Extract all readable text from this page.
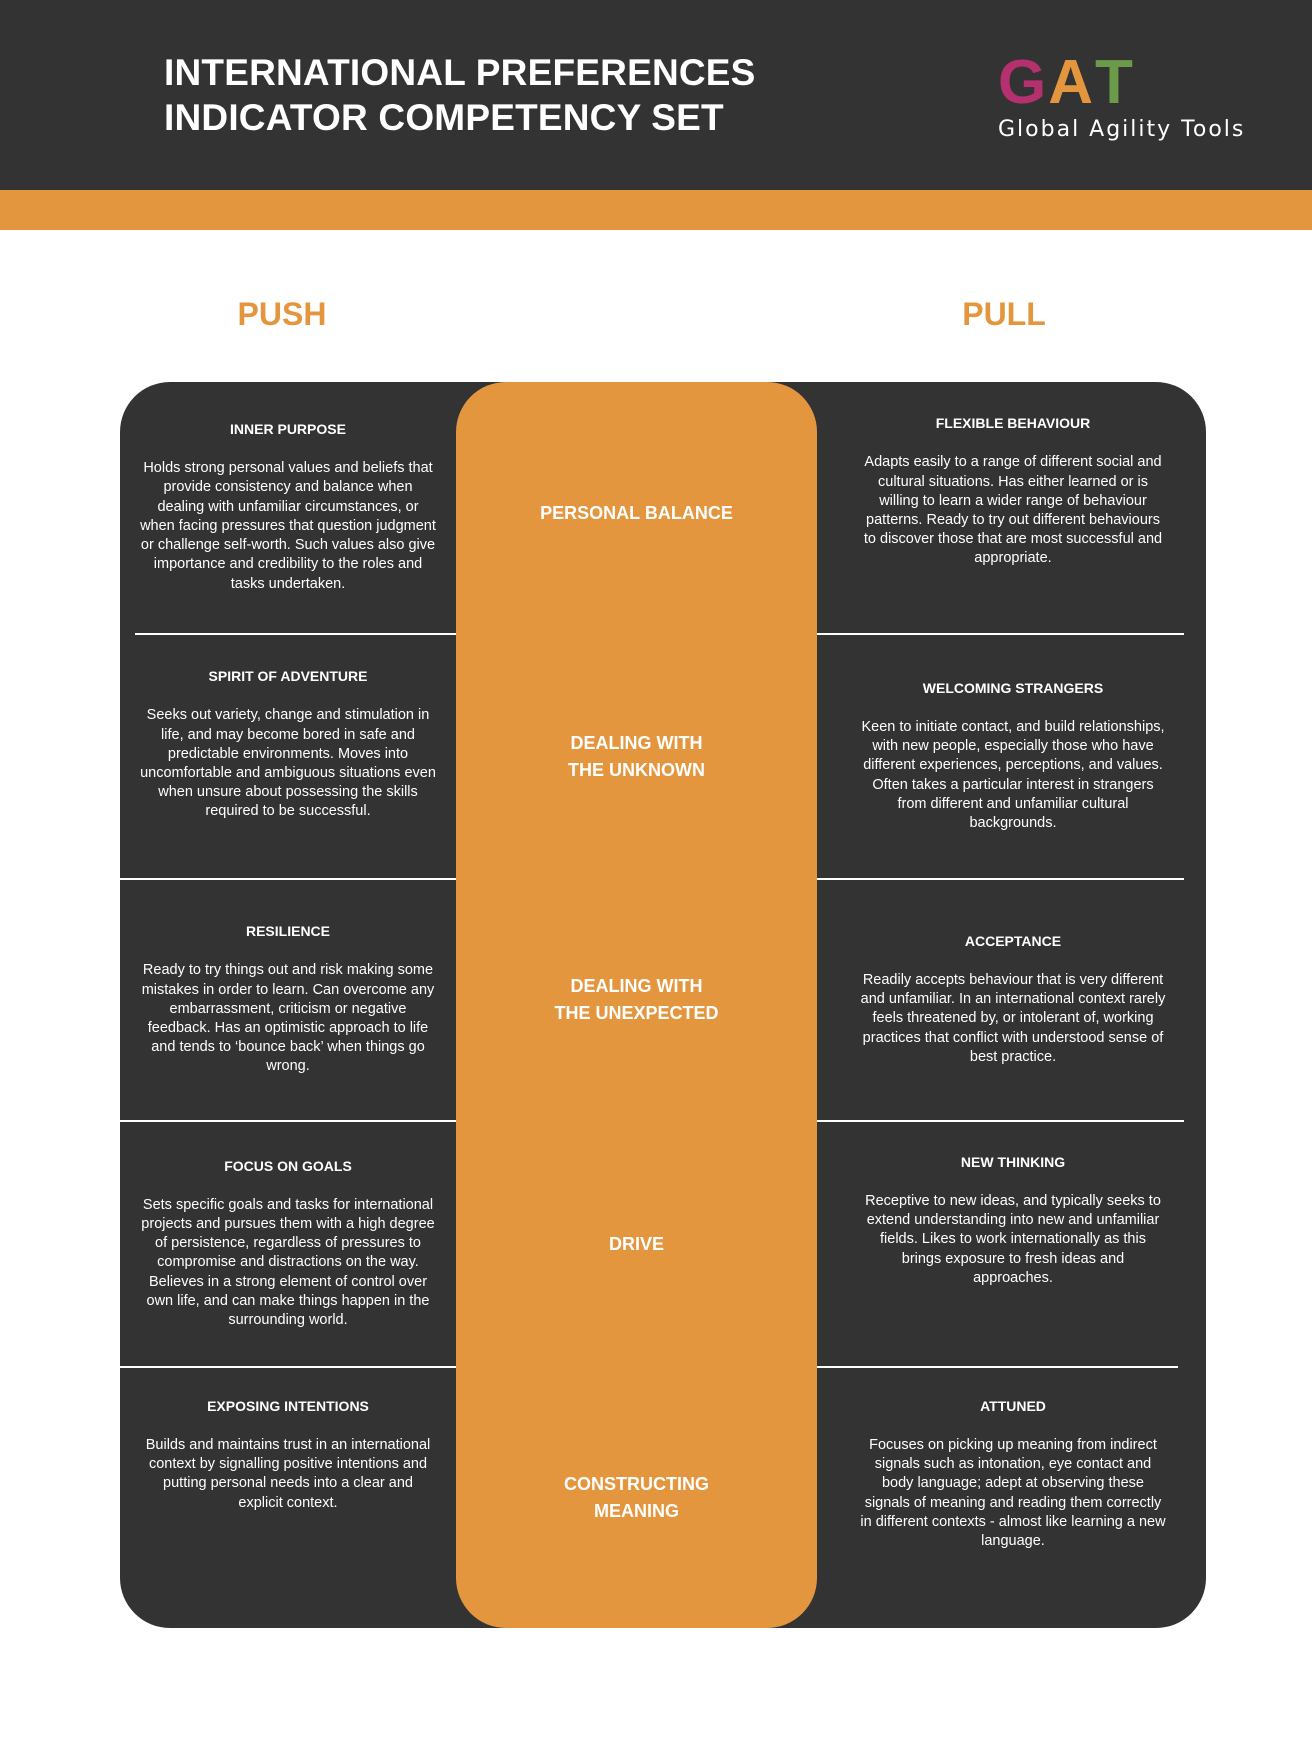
INTERNATIONAL PREFERENCES
INDICATOR COMPETENCY SET
GAT
Global Agility Tools
PUSH	PULL
INNER PURPOSE
Holds strong personal values and beliefs that provide consistency and balance when dealing with unfamiliar circumstances, or when facing pressures that question judgment or challenge self-worth. Such values also give importance and credibility to the roles and tasks undertaken.
PERSONAL BALANCE
FLEXIBLE BEHAVIOUR
Adapts easily to a range of different social and cultural situations. Has either learned or is willing to learn a wider range of behaviour patterns. Ready to try out different behaviours to discover those that are most successful and appropriate.
SPIRIT OF ADVENTURE
Seeks out variety, change and stimulation in life, and may become bored in safe and predictable environments. Moves into uncomfortable and ambiguous situations even when unsure about possessing the skills required to be successful.
DEALING WITH
THE UNKNOWN
WELCOMING STRANGERS
Keen to initiate contact, and build relationships, with new people, especially those who have different experiences, perceptions, and values. Often takes a particular interest in strangers from different and unfamiliar cultural backgrounds.
RESILIENCE
Ready to try things out and risk making some mistakes in order to learn. Can overcome any embarrassment, criticism or negative feedback. Has an optimistic approach to life and tends to ‘bounce back’ when things go wrong.
DEALING WITH
THE UNEXPECTED
ACCEPTANCE
Readily accepts behaviour that is very different and unfamiliar. In an international context rarely feels threatened by, or intolerant of, working practices that conflict with understood sense of best practice.
FOCUS ON GOALS
Sets specific goals and tasks for international projects and pursues them with a high degree of persistence, regardless of pressures to compromise and distractions on the way. Believes in a strong element of control over own life, and can make things happen in the surrounding world.
DRIVE
NEW THINKING
Receptive to new ideas, and typically seeks to extend understanding into new and unfamiliar fields. Likes to work internationally as this brings exposure to fresh ideas and approaches.
EXPOSING INTENTIONS
Builds and maintains trust in an international context by signalling positive intentions and putting personal needs into a clear and explicit context.
CONSTRUCTING
MEANING
ATTUNED
Focuses on picking up meaning from indirect signals such as intonation, eye contact and body language; adept at observing these signals of meaning and reading them correctly in different contexts - almost like learning a new language.
